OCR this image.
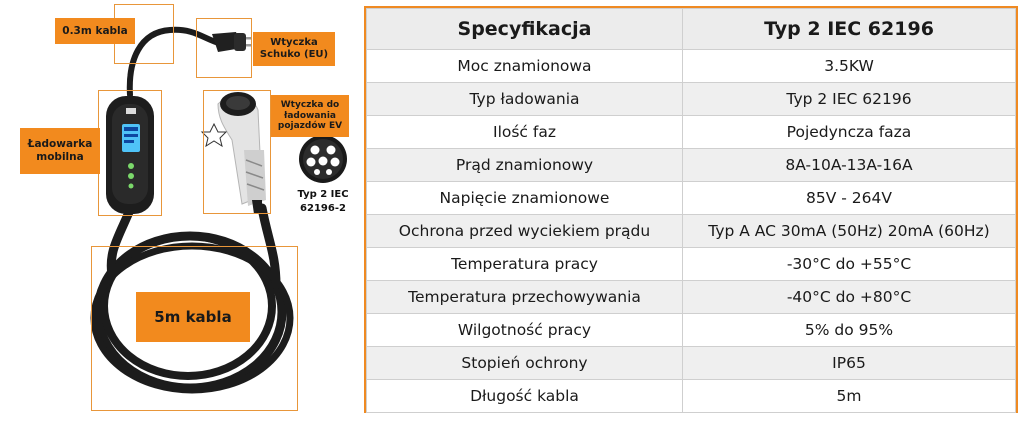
0.3m kabla
Wtyczka Schuko (EU)
Ładowarka mobilna
Wtyczka do ładowania pojazdów EV
Typ 2 IEC 62196-2
5m kabla
Specyfikacja	Typ 2 IEC 62196
Moc znamionowa	3.5KW
Typ ładowania	Typ 2 IEC 62196
Ilość faz	Pojedyncza faza
Prąd znamionowy	8A-10A-13A-16A
Napięcie znamionowe	85V - 264V
Ochrona przed wyciekiem prądu	Typ A AC 30mA (50Hz) 20mA (60Hz)
Temperatura pracy	-30°C do +55°C
Temperatura przechowywania	-40°C do +80°C
Wilgotność pracy	5% do 95%
Stopień ochrony	IP65
Długość kabla	5m
